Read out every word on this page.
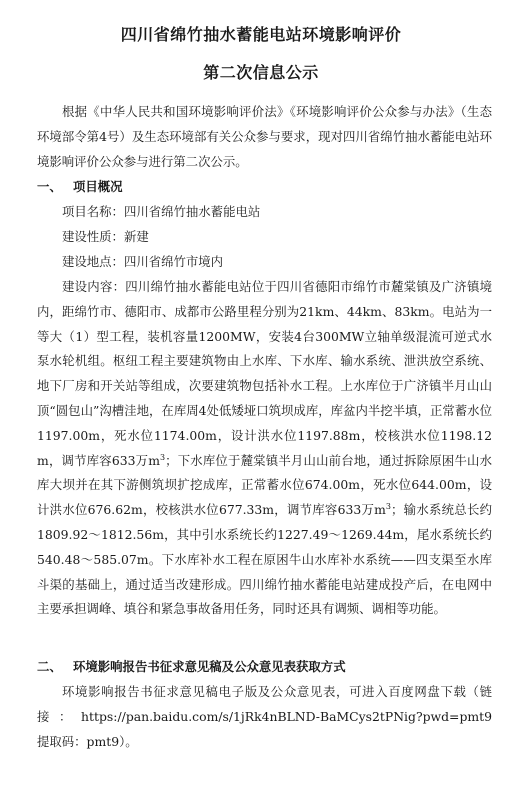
四川省绵竹抽水蓄能电站环境影响评价
第二次信息公示

根据《中华人民共和国环境影响评价法》《环境影响评价公众参与办法》（生态环境部令第4号）及生态环境部有关公众参与要求，现对四川省绵竹抽水蓄能电站环境影响评价公众参与进行第二次公示。

一、 项目概况

项目名称：四川省绵竹抽水蓄能电站

建设性质：新建

建设地点：四川省绵竹市境内

建设内容：四川绵竹抽水蓄能电站位于四川省德阳市绵竹市麓棠镇及广济镇境内，距绵竹市、德阳市、成都市公路里程分别为21km、44km、83km。电站为一等大（1）型工程，装机容量1200MW，安装4台300MW立轴单级混流可逆式水泵水轮机组。枢纽工程主要建筑物由上水库、下水库、输水系统、泄洪放空系统、地下厂房和开关站等组成，次要建筑物包括补水工程。上水库位于广济镇半月山山顶“圆包山”沟槽洼地，在库周4处低矮垭口筑坝成库，库盆内半挖半填，正常蓄水位1197.00m，死水位1174.00m，设计洪水位1197.88m，校核洪水位1198.12m，调节库容633万$m^3$；下水库位于麓棠镇半月山山前台地，通过拆除原困牛山水库大坝并在其下游侧筑坝扩挖成库，正常蓄水位674.00m，死水位644.00m，设计洪水位676.62m，校核洪水位677.33m，调节库容633万$m^3$；输水系统总长约1809.92～1812.56m，其中引水系统长约1227.49～1269.44m，尾水系统长约540.48～585.07m。下水库补水工程在原困牛山水库补水系统——四支渠至水库斗渠的基础上，通过适当改建形成。四川绵竹抽水蓄能电站建成投产后，在电网中主要承担调峰、填谷和紧急事故备用任务，同时还具有调频、调相等功能。

二、 环境影响报告书征求意见稿及公众意见表获取方式

环境影响报告书征求意见稿电子版及公众意见表，可进入百度网盘下载（链接：https://pan.baidu.com/s/1jRk4nBLND-BaMCys2tPNig?pwd=pmt9　提取码：pmt9）。
